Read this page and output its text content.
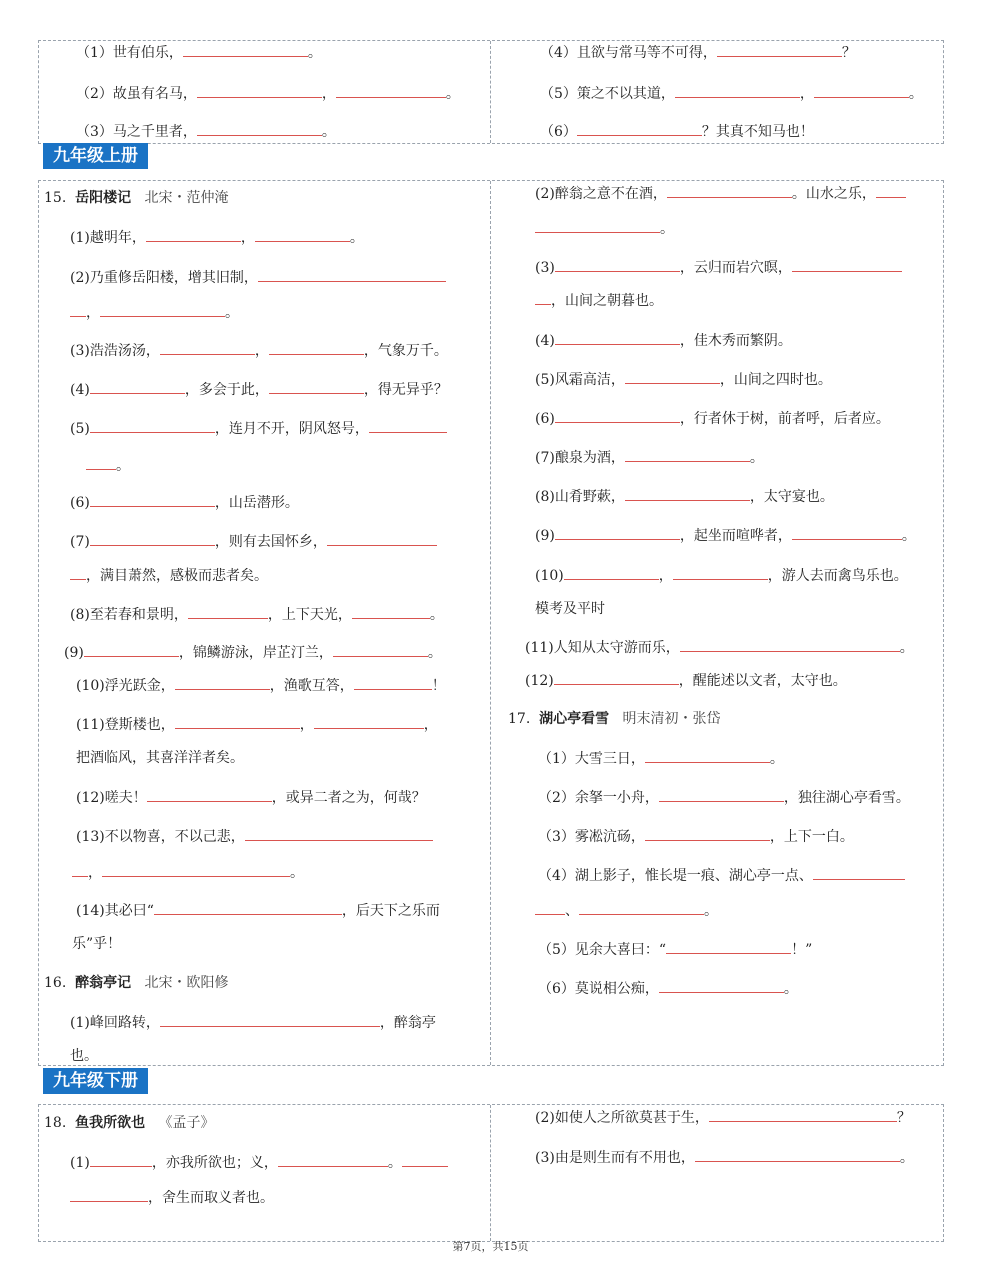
（1）世有伯乐，	。
（2）故虽有名马，	，	。
（3）马之千里者，	。
（4）且欲与常马等不可得，	？
（5）策之不以其道，	，	。
（6）	？其真不知马也！
九年级上册
15. 岳阳楼记 北宋・范仲淹
(1)越明年，	，	。
(2)乃重修岳阳楼，增其旧制，
，	。
(3)浩浩汤汤，	，	，气象万千。
(4)	，多会于此，	，得无异乎？
(5)	，连月不开，阴风怒号，
。
(6)	，山岳潜形。
(7)	，则有去国怀乡，
，满目萧然，感极而悲者矣。
(8)至若春和景明，	，上下天光，	。
(9)	，锦鳞游泳，岸芷汀兰，	。
(10)浮光跃金，	，渔歌互答，	！
(11)登斯楼也，	，	，
把酒临风，其喜洋洋者矣。
(12)嗟夫！	，或异二者之为，何哉？
(13)不以物喜，不以己悲，
，	。
(14)其必曰“	，后天下之乐而
乐”乎！
16. 醉翁亭记 北宋・欧阳修
(1)峰回路转，	，醉翁亭
也。
(2)醉翁之意不在酒，	。山水之乐，
。
(3)	，云归而岩穴暝，
，山间之朝暮也。
(4)	，佳木秀而繁阴。
(5)风霜高洁，	，山间之四时也。
(6)	，行者休于树，前者呼，后者应。
(7)酿泉为酒，	。
(8)山肴野蔌，	，太守宴也。
(9)	，起坐而喧哗者，	。
(10)	，	，游人去而禽鸟乐也。
模考及平时
(11)人知从太守游而乐，	。
(12)	，醒能述以文者，太守也。
17. 湖心亭看雪 明末清初・张岱
（1）大雪三日，	。
（2）余拏一小舟，	，独往湖心亭看雪。
（3）雾凇沆砀，	，上下一白。
（4）湖上影子，惟长堤一痕、湖心亭一点、
、	。
（5）见余大喜曰：“	！”
（6）莫说相公痴，	。
九年级下册
18. 鱼我所欲也 《孟子》
(1)	，亦我所欲也；义，	。
，舍生而取义者也。
(2)如使人之所欲莫甚于生，	？
(3)由是则生而有不用也，	。
第7页，共15页
